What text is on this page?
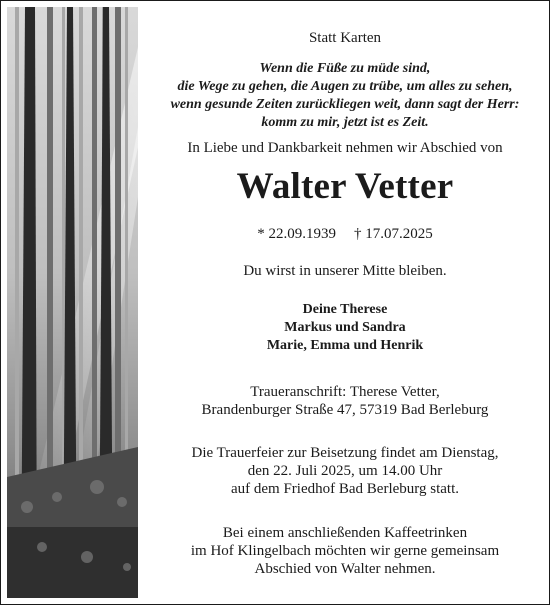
Statt Karten
Wenn die Füße zu müde sind,
die Wege zu gehen, die Augen zu trübe, um alles zu sehen,
wenn gesunde Zeiten zurückliegen weit, dann sagt der Herr:
komm zu mir, jetzt ist es Zeit.
In Liebe und Dankbarkeit nehmen wir Abschied von
Walter Vetter
* 22.09.1939 † 17.07.2025
Du wirst in unserer Mitte bleiben.
Deine Therese
Markus und Sandra
Marie, Emma und Henrik
Traueranschrift: Therese Vetter,
Brandenburger Straße 47, 57319 Bad Berleburg
Die Trauerfeier zur Beisetzung findet am Dienstag,
den 22. Juli 2025, um 14.00 Uhr
auf dem Friedhof Bad Berleburg statt.
Bei einem anschließenden Kaffeetrinken
im Hof Klingelbach möchten wir gerne gemeinsam
Abschied von Walter nehmen.
